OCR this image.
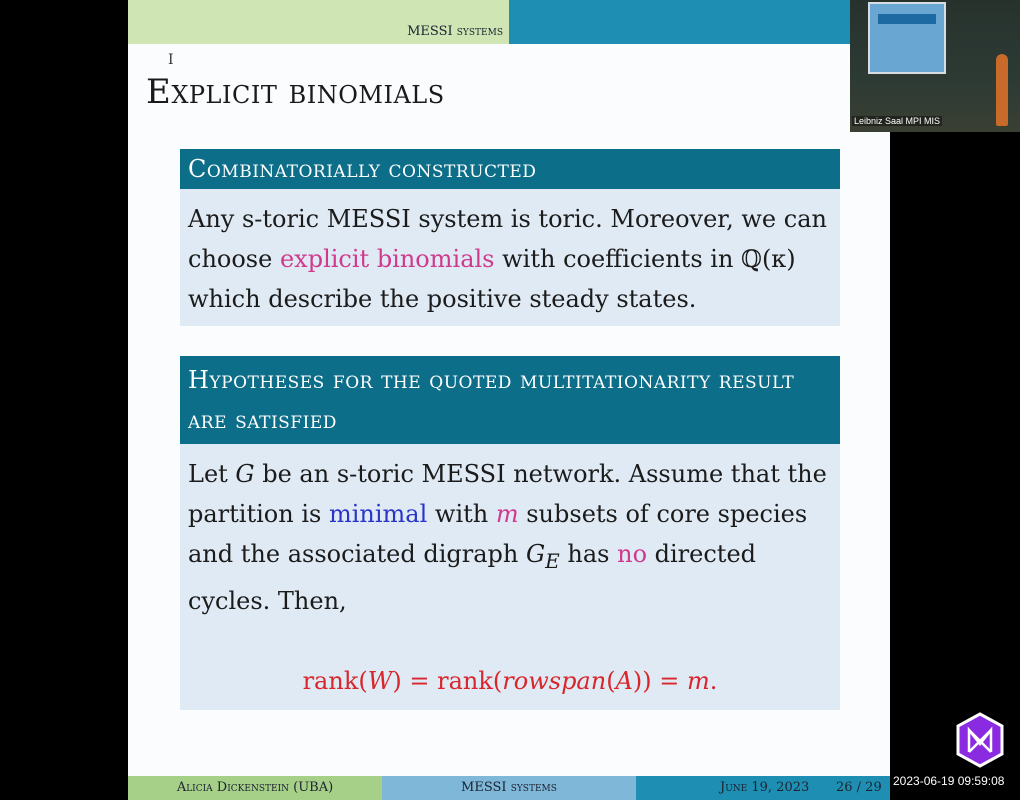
MESSI systems
I
Explicit binomials
Combinatorially constructed
Any s-toric MESSI system is toric. Moreover, we can choose explicit binomials with coefficients in ℚ(κ) which describe the positive steady states.
Hypotheses for the quoted multitationarity result are satisfied
Let G be an s-toric MESSI network. Assume that the partition is minimal with m subsets of core species and the associated digraph $G_E$ has no directed cycles. Then,
rank(W) = rank(rowspan(A)) = m.
Alicia Dickenstein (UBA)	MESSI systems	June 19, 2023 26 / 29
Leibniz Saal MPI MIS
2023-06-19 09:59:08
